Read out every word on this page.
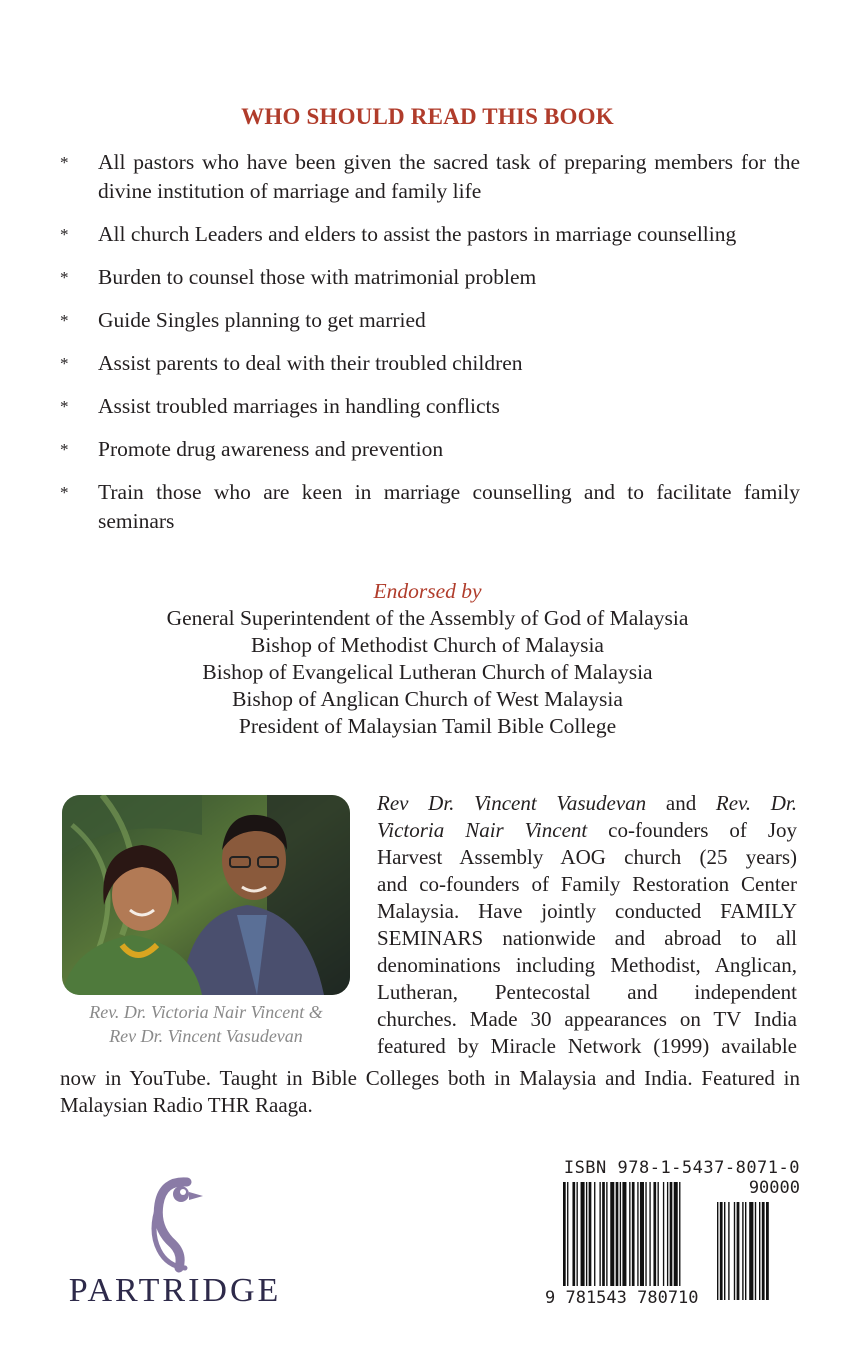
WHO SHOULD READ THIS BOOK
*	All pastors who have been given the sacred task of preparing members for the divine institution of marriage and family life
*	All church Leaders and elders to assist the pastors in marriage counselling
*	Burden to counsel those with matrimonial problem
*	Guide Singles planning to get married
*	Assist parents to deal with their troubled children
*	Assist troubled marriages in handling conflicts
*	Promote drug awareness and prevention
*	Train those who are keen in marriage counselling and to facilitate family seminars
Endorsed by
General Superintendent of the Assembly of God of Malaysia
Bishop of Methodist Church of Malaysia
Bishop of Evangelical Lutheran Church of Malaysia
Bishop of Anglican Church of West Malaysia
President of Malaysian Tamil Bible College
Rev. Dr. Victoria Nair Vincent &
Rev Dr. Vincent Vasudevan
Rev Dr. Vincent Vasudevan and Rev. Dr.
Victoria Nair Vincent co-founders of Joy
Harvest Assembly AOG church (25 years)
and co-founders of Family Restoration Center
Malaysia. Have jointly conducted FAMILY
SEMINARS nationwide and abroad to all
denominations including Methodist, Anglican,
Lutheran, Pentecostal and independent
churches. Made 30 appearances on TV India
featured by Miracle Network (1999) available
now in YouTube. Taught in Bible Colleges both in Malaysia and India. Featured in Malaysian Radio THR Raaga.
PARTRIDGE
ISBN 978-1-5437-8071-0
90000
9 781543 780710
